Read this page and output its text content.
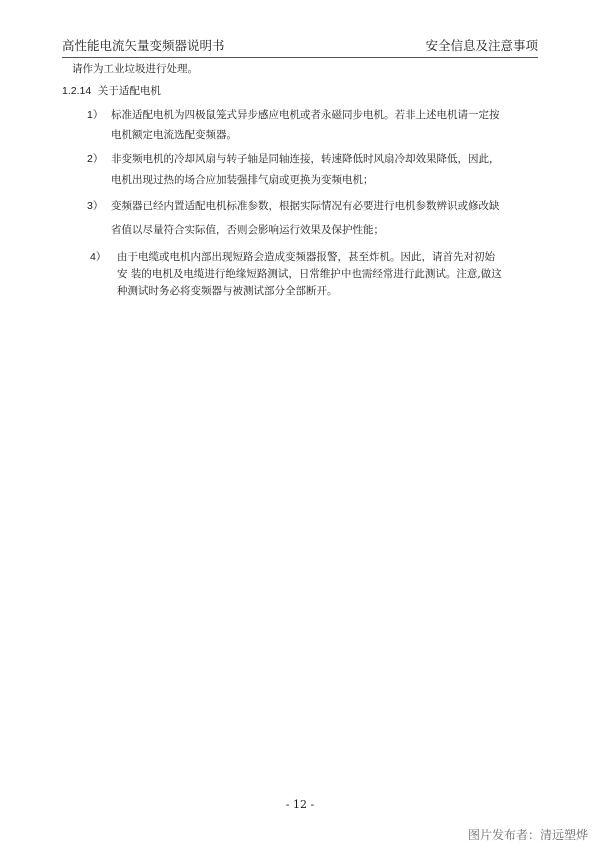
高性能电流矢量变频器说明书	安全信息及注意事项
请作为工业垃圾进行处理。
1.2.14 关于适配电机
1） 标准适配电机为四极鼠笼式异步感应电机或者永磁同步电机。若非上述电机请一定按
电机额定电流选配变频器。
2） 非变频电机的冷却风扇与转子轴是同轴连接，转速降低时风扇冷却效果降低，因此，
电机出现过热的场合应加装强排气扇或更换为变频电机；
3） 变频器已经内置适配电机标准参数，根据实际情况有必要进行电机参数辨识或修改缺
省值以尽量符合实际值，否则会影响运行效果及保护性能；
4） 由于电缆或电机内部出现短路会造成变频器报警，甚至炸机。因此，请首先对初始
安 装的电机及电缆进行绝缘短路测试，日常维护中也需经常进行此测试。注意,做这
种测试时务必将变频器与被测试部分全部断开。
- 12 -
图片发布者：清远塑烨
